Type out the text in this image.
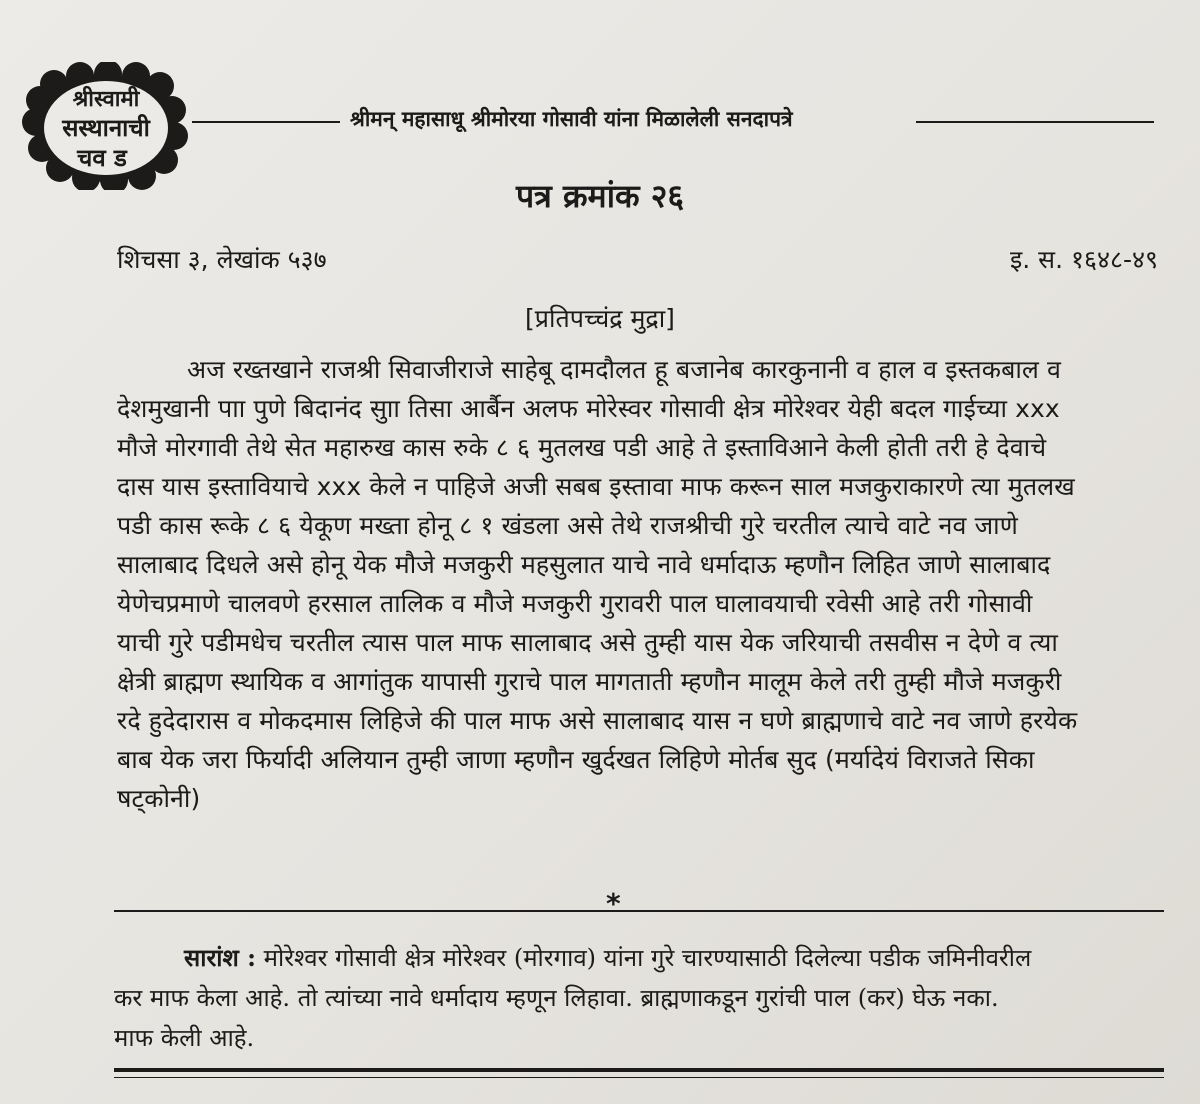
श्रीस्वामी
सस्थानाची
चव ड
श्रीमन् महासाधू श्रीमोरया गोसावी यांना मिळालेली सनदापत्रे
पत्र क्रमांक २६
शिचसा ३, लेखांक ५३७	इ. स. १६४८-४९
[प्रतिपच्चंद्र मुद्रा]
अज रख्तखाने राजश्री सिवाजीराजे साहेबू दामदौलत हू बजानेब कारकुनानी व हाल व इस्तकबाल व
देशमुखानी पाा पुणे बिदानंद सुाा तिसा आर्बैन अलफ मोरेस्वर गोसावी क्षेत्र मोरेश्वर येही बदल गाईच्या xxx
मौजे मोरगावी तेथे सेत महारुख कास रुके ८ ६ मुतलख पडी आहे ते इस्ताविआने केली होती तरी हे देवाचे
दास यास इस्तावियाचे xxx केले न पाहिजे अजी सबब इस्तावा माफ करून साल मजकुराकारणे त्या मुतलख
पडी कास रूके ८ ६ येकूण मख्ता होनू ८ १ खंडला असे तेथे राजश्रीची गुरे चरतील त्याचे वाटे नव जाणे
सालाबाद दिधले असे होनू येक मौजे मजकुरी महसुलात याचे नावे धर्मादाऊ म्हणौन लिहित जाणे सालाबाद
येणेचप्रमाणे चालवणे हरसाल तालिक व मौजे मजकुरी गुरावरी पाल घालावयाची रवेसी आहे तरी गोसावी
याची गुरे पडीमधेच चरतील त्यास पाल माफ सालाबाद असे तुम्ही यास येक जरियाची तसवीस न देणे व त्या
क्षेत्री ब्राह्मण स्थायिक व आगांतुक यापासी गुराचे पाल मागताती म्हणौन मालूम केले तरी तुम्ही मौजे मजकुरी
रदे हुदेदारास व मोकदमास लिहिजे की पाल माफ असे सालाबाद यास न घणे ब्राह्मणाचे वाटे नव जाणे हरयेक
बाब येक जरा फिर्यादी अलियान तुम्ही जाणा म्हणौन खुर्दखत लिहिणे मोर्तब सुद (मर्यादेयं विराजते सिका
षट्कोनी)
*
सारांश : मोरेश्वर गोसावी क्षेत्र मोरेश्वर (मोरगाव) यांना गुरे चारण्यासाठी दिलेल्या पडीक जमिनीवरील
कर माफ केला आहे. तो त्यांच्या नावे धर्मादाय म्हणून लिहावा. ब्राह्मणाकडून गुरांची पाल (कर) घेऊ नका.
माफ केली आहे.
